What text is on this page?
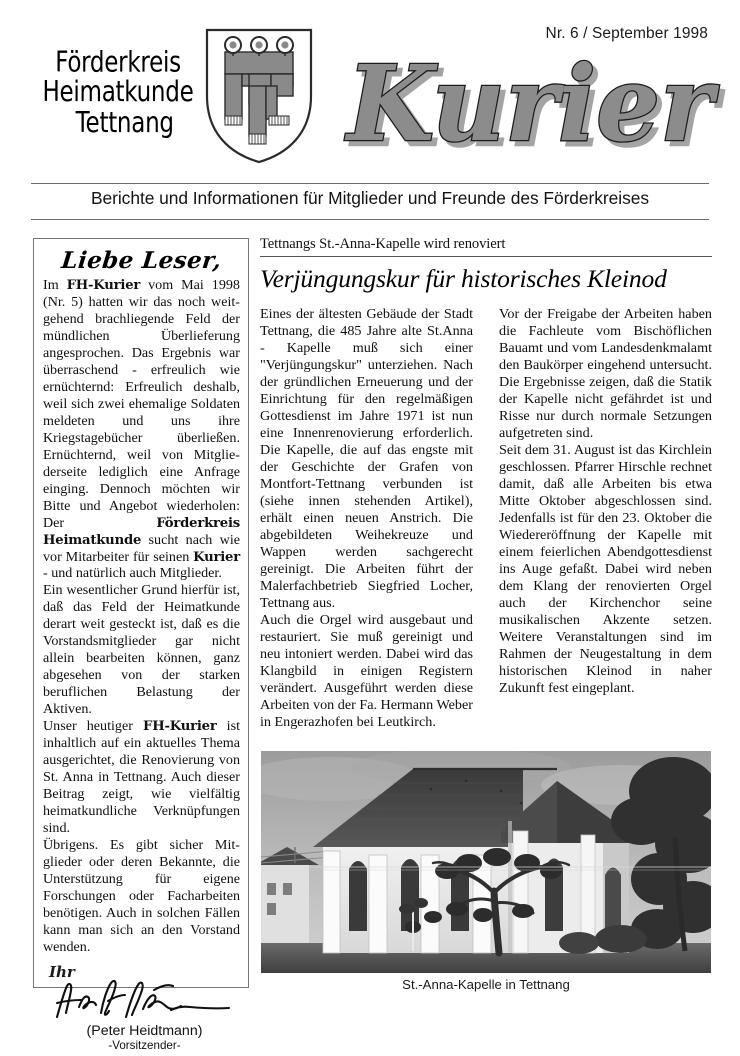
Nr. 6 / September 1998
Förderkreis
Heimatkunde
Tettnang Kurier
Berichte und Informationen für Mitglieder und Freunde des Förderkreises
Liebe Leser,

Im FH-Kurier vom Mai 1998 (Nr. 5) hatten wir das noch weitgehend brachliegende Feld der mündlichen Überlieferung angesprochen. Das Ergebnis war überraschend - erfreulich wie ernüchternd: Erfreulich deshalb, weil sich zwei ehemalige Soldaten meldeten und uns ihre Kriegstagebücher überließen. Ernüchternd, weil von Mitgliederseite lediglich eine Anfrage einging. Dennoch möchten wir Bitte und Angebot wiederholen: Der Förderkreis Heimatkunde sucht nach wie vor Mitarbeiter für seinen Kurier - und natürlich auch Mitglieder.

Ein wesentlicher Grund hierfür ist, daß das Feld der Heimatkunde derart weit gesteckt ist, daß es die Vorstandsmitglieder gar nicht allein bearbeiten können, ganz abgesehen von der starken beruflichen Belastung der Aktiven.

Unser heutiger FH-Kurier ist inhaltlich auf ein aktuelles Thema ausgerichtet, die Renovierung von St. Anna in Tettnang. Auch dieser Beitrag zeigt, wie vielfältig heimatkundliche Verknüpfungen sind.

Übrigens. Es gibt sicher Mitglieder oder deren Bekannte, die Unterstützung für eigene Forschungen oder Facharbeiten benötigen. Auch in solchen Fällen kann man sich an den Vorstand wenden.

Ihr
(Peter Heidtmann)
-Vorsitzender-
Tettnangs St.-Anna-Kapelle wird renoviert
Verjüngungskur für historisches Kleinod

Eines der ältesten Gebäude der Stadt Tettnang, die 485 Jahre alte St.Anna - Kapelle muß sich einer "Verjüngungskur" unterziehen. Nach der gründlichen Erneuerung und der Einrichtung für den regelmäßigen Gottesdienst im Jahre 1971 ist nun eine Innenrenovierung erforderlich. Die Kapelle, die auf das engste mit der Geschichte der Grafen von Montfort-Tettnang verbunden ist (siehe innen stehenden Artikel), erhält einen neuen Anstrich. Die abgebildeten Weihekreuze und Wappen werden sachgerecht gereinigt. Die Arbeiten führt der Malerfachbetrieb Siegfried Locher, Tettnang aus.

Auch die Orgel wird ausgebaut und restauriert. Sie muß gereinigt und neu intoniert werden. Dabei wird das Klangbild in einigen Registern verändert. Ausgeführt werden diese Arbeiten von der Fa. Hermann Weber in Engerazhofen bei Leutkirch.

Vor der Freigabe der Arbeiten haben die Fachleute vom Bischöflichen Bauamt und vom Landesdenkmalamt den Baukörper eingehend untersucht. Die Ergebnisse zeigen, daß die Statik der Kapelle nicht gefährdet ist und Risse nur durch normale Setzungen aufgetreten sind.

Seit dem 31. August ist das Kirchlein geschlossen. Pfarrer Hirschle rechnet damit, daß alle Arbeiten bis etwa Mitte Oktober abgeschlossen sind. Jedenfalls ist für den 23. Oktober die Wiedereröffnung der Kapelle mit einem feierlichen Abendgottesdienst ins Auge gefaßt. Dabei wird neben dem Klang der renovierten Orgel auch der Kirchenchor seine musikalischen Akzente setzen. Weitere Veranstaltungen sind im Rahmen der Neugestaltung in dem historischen Kleinod in naher Zukunft fest eingeplant.

St.-Anna-Kapelle in Tettnang
